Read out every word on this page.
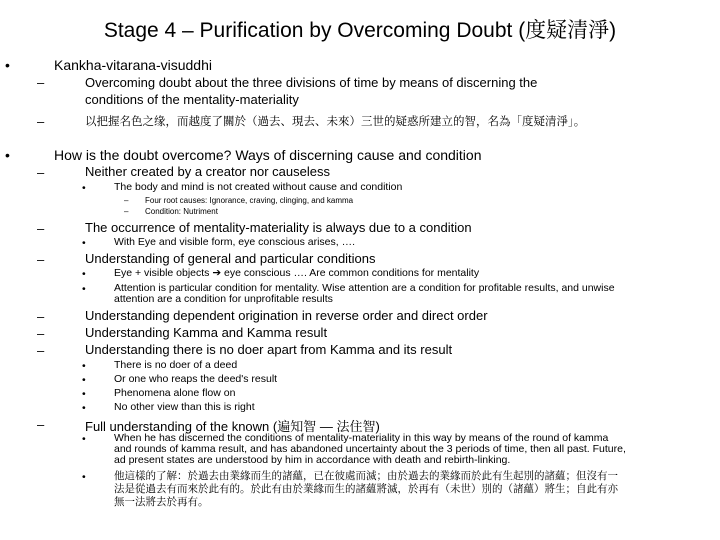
Stage 4 – Purification by Overcoming Doubt (度疑清淨)
•	Kankha-vitarana-visuddhi
–	Overcoming doubt about the three divisions of time by means of discerning the
conditions of the mentality-materiality
–	以把握名色之缘，而越度了關於（過去、現去、未來）三世的疑惑所建立的智，名為「度疑清淨」。
•	How is the doubt overcome? Ways of discerning cause and condition
–	Neither created by a creator nor causeless
•	The body and mind is not created without cause and condition
– Four root causes: Ignorance, craving, clinging, and kamma
– Condition: Nutriment
–	The occurrence of mentality-materiality is always due to a condition
•	With Eye and visible form, eye conscious arises, ….
–	Understanding of general and particular conditions
•	Eye + visible objects ➔ eye conscious …. Are common conditions for mentality
•	Attention is particular condition for mentality. Wise attention are a condition for profitable results, and unwise
attention are a condition for unprofitable results
–	Understanding dependent origination in reverse order and direct order
–	Understanding Kamma and Kamma result
–	Understanding there is no doer apart from Kamma and its result
•	There is no doer of a deed
•	Or one who reaps the deed's result
•	Phenomena alone flow on
•	No other view than this is right
–	Full understanding of the known (遍知智 — 法住智)
•	When he has discerned the conditions of mentality-materiality in this way by means of the round of kamma
and rounds of kamma result, and has abandoned uncertainty about the 3 periods of time, then all past. Future,
ad present states are understood by him in accordance with death and rebirth-linking.
•	他這樣的了解：於過去由業緣而生的諸蘊，已在彼處而滅；由於過去的業緣而於此有生起別的諸蘊；但沒有一
法是從過去有而來於此有的。於此有由於業緣而生的諸蘊將滅，於再有（未世）別的（諸蘊）將生；自此有亦
無一法將去於再有。
